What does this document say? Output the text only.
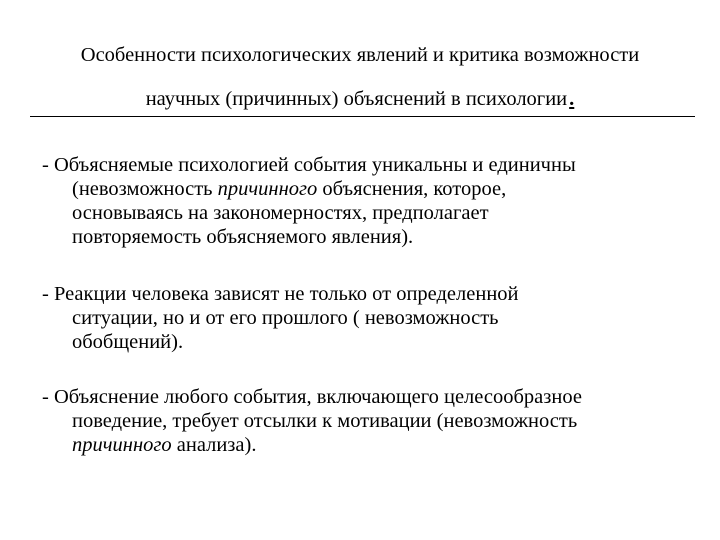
Особенности психологических явлений и критика возможности
научных (причинных) объяснений в психологии.
- Объясняемые психологией события уникальны и единичны
(невозможность причинного объяснения, которое,
основываясь на закономерностях, предполагает
повторяемость объясняемого явления).
- Реакции человека зависят не только от определенной
ситуации, но и от его прошлого ( невозможность
обобщений).
- Объяснение любого события, включающего целесообразное
поведение, требует отсылки к мотивации (невозможность
причинного анализа).
